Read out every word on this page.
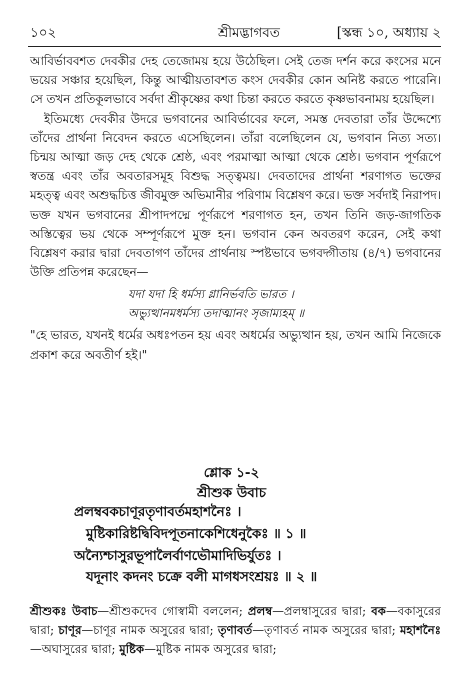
১০২	শ্রীমদ্ভাগবত	[স্কন্ধ ১০, অধ্যায় ২

আবির্ভাববশত দেবকীর দেহ তেজোময় হয়ে উঠেছিল। সেই তেজ দর্শন করে কংসের মনে ভয়ের সঞ্চার হয়েছিল, কিন্তু আত্মীয়তাবশত কংস দেবকীর কোন অনিষ্ট করতে পারেনি। সে তখন প্রতিকূলভাবে সর্বদা শ্রীকৃষ্ণের কথা চিন্তা করতে করতে কৃষ্ণভাবনাময় হয়েছিল।

ইতিমধ্যে দেবকীর উদরে ভগবানের আবির্ভাবের ফলে, সমস্ত দেবতারা তাঁর উদ্দেশ্যে তাঁদের প্রার্থনা নিবেদন করতে এসেছিলেন। তাঁরা বলেছিলেন যে, ভগবান নিত্য সত্য। চিন্ময় আত্মা জড় দেহ থেকে শ্রেষ্ঠ, এবং পরমাত্মা আত্মা থেকে শ্রেষ্ঠ। ভগবান পূর্ণরূপে স্বতন্ত্র এবং তাঁর অবতারসমূহ বিশুদ্ধ সত্ত্বময়। দেবতাদের প্রার্থনা শরণাগত ভক্তের মহত্ত্ব এবং অশুদ্ধচিত্ত জীবমুক্ত অভিমানীর পরিণাম বিশ্লেষণ করে। ভক্ত সর্বদাই নিরাপদ। ভক্ত যখন ভগবানের শ্রীপাদপদ্মে পূর্ণরূপে শরণাগত হন, তখন তিনি জড়-জাগতিক অস্তিত্বের ভয় থেকে সম্পূর্ণরূপে মুক্ত হন। ভগবান কেন অবতরণ করেন, সেই কথা বিশ্লেষণ করার দ্বারা দেবতাগণ তাঁদের প্রার্থনায় স্পষ্টভাবে ভগবদ্গীতায় (৪/৭) ভগবানের উক্তি প্রতিপন্ন করেছেন—

যদা যদা হি ধর্মস্য গ্লানির্ভবতি ভারত ।
অভ্যুত্থানমধর্মস্য তদাত্মানং সৃজাম্যহম্ ॥

"হে ভারত, যখনই ধর্মের অধঃপতন হয় এবং অধর্মের অভ্যুত্থান হয়, তখন আমি নিজেকে প্রকাশ করে অবতীর্ণ হই।"

শ্লোক ১-২
শ্রীশুক উবাচ
প্রলম্ববকচাণূরতৃণাবর্তমহাশনৈঃ ।
মুষ্টিকারিষ্টদ্বিবিদপূতনাকেশিধেনুকৈঃ ॥ ১ ॥
অন্যৈশ্চাসুরভূপালৈর্বাণভৌমাদিভির্যুতঃ ।
যদূনাং কদনং চক্রে বলী মাগধসংশ্রয়ঃ ॥ ২ ॥
শ্রীশুকঃ উবাচ—শ্রীশুকদেব গোস্বামী বললেন; প্রলম্ব—প্রলম্বাসুরের দ্বারা; বক—বকাসুরের দ্বারা; চাণূর—চাণূর নামক অসুরের দ্বারা; তৃণাবর্ত—তৃণাবর্ত নামক অসুরের দ্বারা; মহাশনৈঃ—অঘাসুরের দ্বারা; মুষ্টিক—মুষ্টিক নামক অসুরের দ্বারা;
